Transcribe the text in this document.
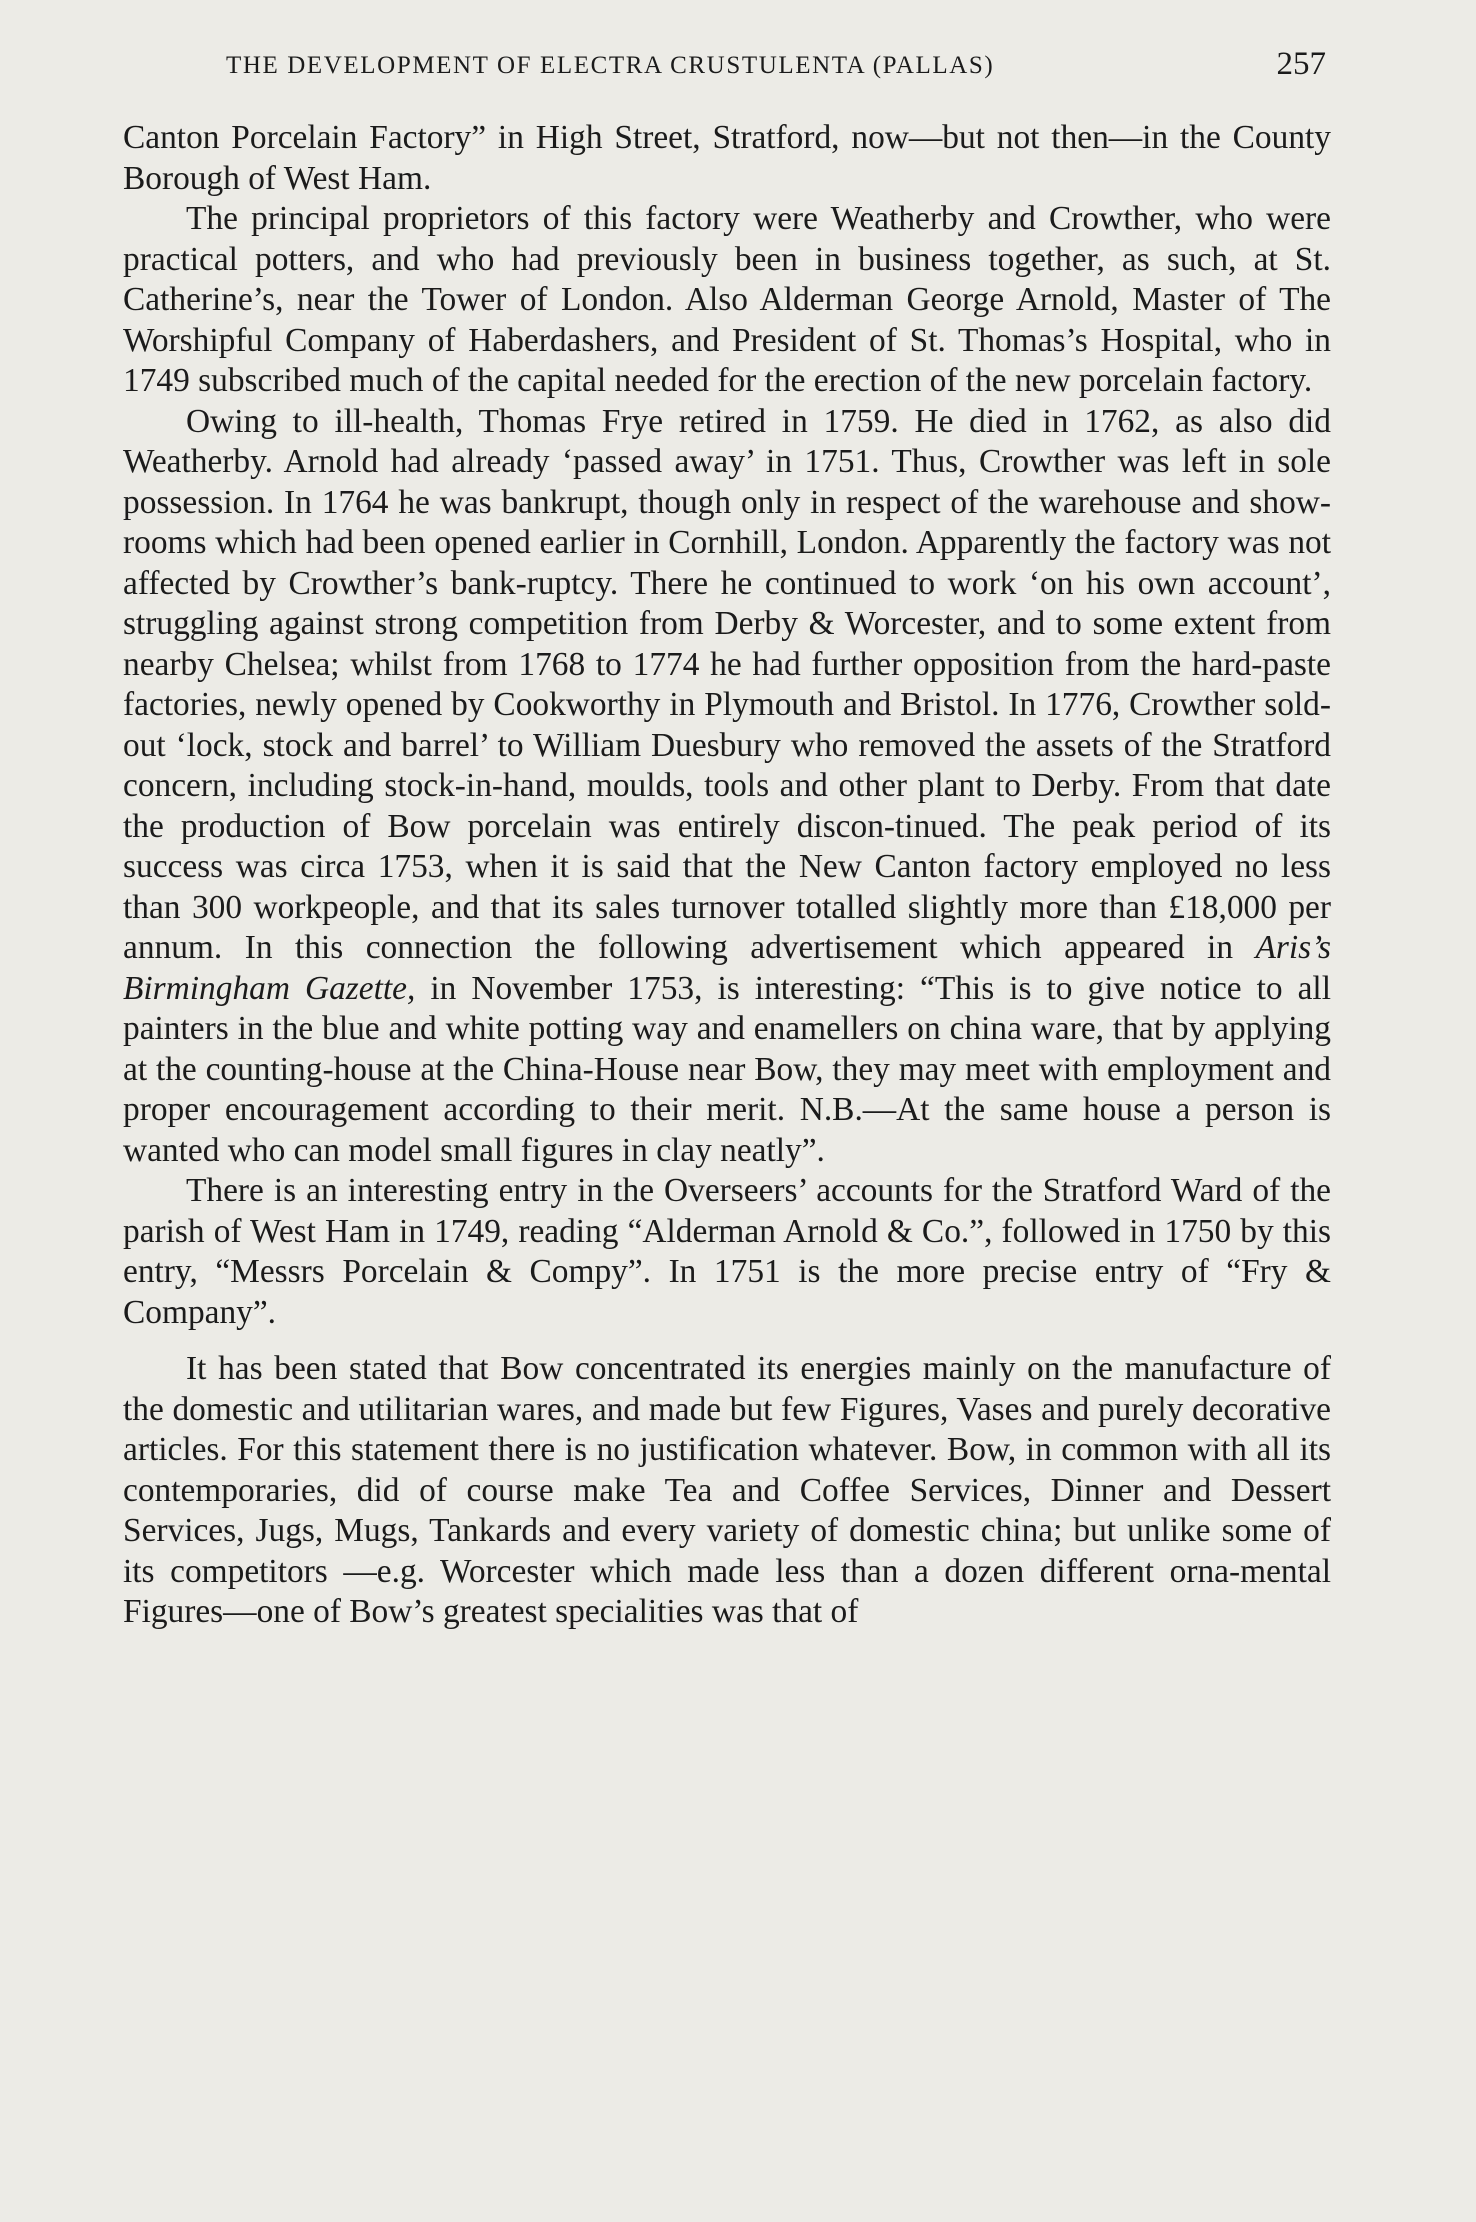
THE DEVELOPMENT OF ELECTRA CRUSTULENTA (PALLAS)	257

Canton Porcelain Factory” in High Street, Stratford, now—but not then—in the County Borough of West Ham.

The principal proprietors of this factory were Weatherby and Crowther, who were practical potters, and who had previously been in business together, as such, at St. Catherine’s, near the Tower of London. Also Alderman George Arnold, Master of The Worshipful Company of Haberdashers, and President of St. Thomas’s Hospital, who in 1749 subscribed much of the capital needed for the erection of the new porcelain factory.

Owing to ill-health, Thomas Frye retired in 1759. He died in 1762, as also did Weatherby. Arnold had already ‘passed away’ in 1751. Thus, Crowther was left in sole possession. In 1764 he was bankrupt, though only in respect of the warehouse and show-rooms which had been opened earlier in Cornhill, London. Apparently the factory was not affected by Crowther’s bank-ruptcy. There he continued to work ‘on his own account’, struggling against strong competition from Derby & Worcester, and to some extent from nearby Chelsea; whilst from 1768 to 1774 he had further opposition from the hard-paste factories, newly opened by Cookworthy in Plymouth and Bristol. In 1776, Crowther sold-out ‘lock, stock and barrel’ to William Duesbury who removed the assets of the Stratford concern, including stock-in-hand, moulds, tools and other plant to Derby. From that date the production of Bow porcelain was entirely discon-tinued. The peak period of its success was circa 1753, when it is said that the New Canton factory employed no less than 300 workpeople, and that its sales turnover totalled slightly more than £18,000 per annum. In this connection the following advertisement which appeared in Aris’s Birmingham Gazette, in November 1753, is interesting: “This is to give notice to all painters in the blue and white potting way and enamellers on china ware, that by applying at the counting-house at the China-House near Bow, they may meet with employment and proper encouragement according to their merit. N.B.—At the same house a person is wanted who can model small figures in clay neatly”.

There is an interesting entry in the Overseers’ accounts for the Stratford Ward of the parish of West Ham in 1749, reading “Alderman Arnold & Co.”, followed in 1750 by this entry, “Messrs Porcelain & Compy”. In 1751 is the more precise entry of “Fry & Company”.

It has been stated that Bow concentrated its energies mainly on the manufacture of the domestic and utilitarian wares, and made but few Figures, Vases and purely decorative articles. For this statement there is no justification whatever. Bow, in common with all its contemporaries, did of course make Tea and Coffee Services, Dinner and Dessert Services, Jugs, Mugs, Tankards and every variety of domestic china; but unlike some of its competitors —e.g. Worcester which made less than a dozen different orna-mental Figures—one of Bow’s greatest specialities was that of
